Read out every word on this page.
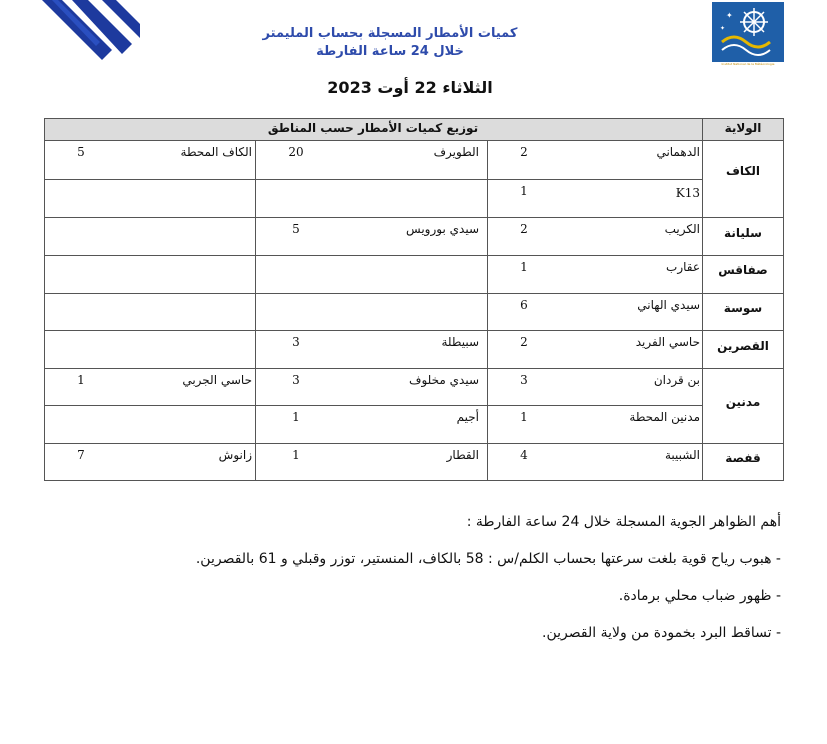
✦
✦
Institut National de la Météorologie
كميات الأمطار المسجلة بحساب المليمتر
خلال 24 ساعة الفارطة
الثلاثاء 22 أوت 2023
الولاية
توزيع كميات الأمطار حسب المناطق
الكاف
سليانة
صفاقس
سوسة
القصرين
مدنين
قفصة
الدهماني
2
الطويرف
20
الكاف المحطة
5
K13
1
الكريب
2
سيدي بورويس
5
عقارب
1
سيدي الهاني
6
حاسي الفريد
2
سبيطلة
3
بن قردان
3
سيدي مخلوف
3
حاسي الجربي
1
مدنين المحطة
1
أجيم
1
الشبيبة
4
القطار
1
زانوش
7
أهم الظواهر الجوية المسجلة خلال 24 ساعة الفارطة :
- هبوب رياح قوية بلغت سرعتها بحساب الكلم/س : 58 بالكاف، المنستير، توزر وقبلي و 61 بالقصرين.
- ظهور ضباب محلي برمادة.
- تساقط البرد بخمودة من ولاية القصرين.
